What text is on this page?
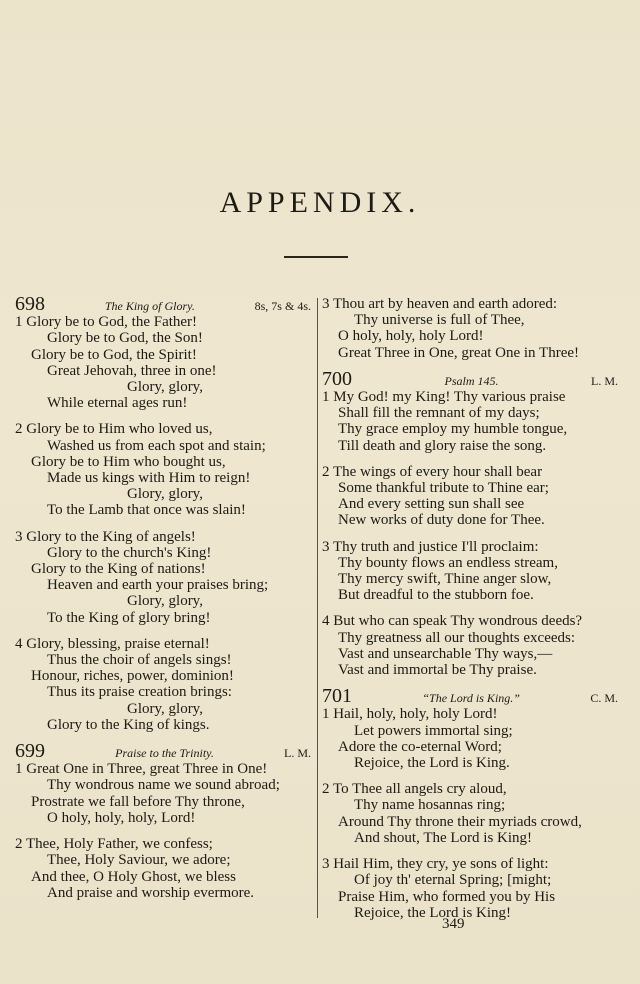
APPENDIX.
698	The King of Glory.	8s, 7s & 4s.
1 Glory be to God, the Father!
Glory be to God, the Son!
Glory be to God, the Spirit!
Great Jehovah, three in one!
Glory, glory,
While eternal ages run!
2 Glory be to Him who loved us,
Washed us from each spot and stain;
Glory be to Him who bought us,
Made us kings with Him to reign!
Glory, glory,
To the Lamb that once was slain!
3 Glory to the King of angels!
Glory to the church's King!
Glory to the King of nations!
Heaven and earth your praises bring;
Glory, glory,
To the King of glory bring!
4 Glory, blessing, praise eternal!
Thus the choir of angels sings!
Honour, riches, power, dominion!
Thus its praise creation brings:
Glory, glory,
Glory to the King of kings.
699	Praise to the Trinity.	L. M.
1 Great One in Three, great Three in One!
Thy wondrous name we sound abroad;
Prostrate we fall before Thy throne,
O holy, holy, holy, Lord!
2 Thee, Holy Father, we confess;
Thee, Holy Saviour, we adore;
And thee, O Holy Ghost, we bless
And praise and worship evermore.
3 Thou art by heaven and earth adored:
Thy universe is full of Thee,
O holy, holy, holy Lord!
Great Three in One, great One in Three!
700	Psalm 145.	L. M.
1 My God! my King! Thy various praise
Shall fill the remnant of my days;
Thy grace employ my humble tongue,
Till death and glory raise the song.
2 The wings of every hour shall bear
Some thankful tribute to Thine ear;
And every setting sun shall see
New works of duty done for Thee.
3 Thy truth and justice I'll proclaim:
Thy bounty flows an endless stream,
Thy mercy swift, Thine anger slow,
But dreadful to the stubborn foe.
4 But who can speak Thy wondrous deeds?
Thy greatness all our thoughts exceeds:
Vast and unsearchable Thy ways,—
Vast and immortal be Thy praise.
701	“The Lord is King.”	C. M.
1 Hail, holy, holy, holy Lord!
Let powers immortal sing;
Adore the co-eternal Word;
Rejoice, the Lord is King.
2 To Thee all angels cry aloud,
Thy name hosannas ring;
Around Thy throne their myriads crowd,
And shout, The Lord is King!
3 Hail Him, they cry, ye sons of light:
Of joy th' eternal Spring; [might;
Praise Him, who formed you by His
Rejoice, the Lord is King!
349
